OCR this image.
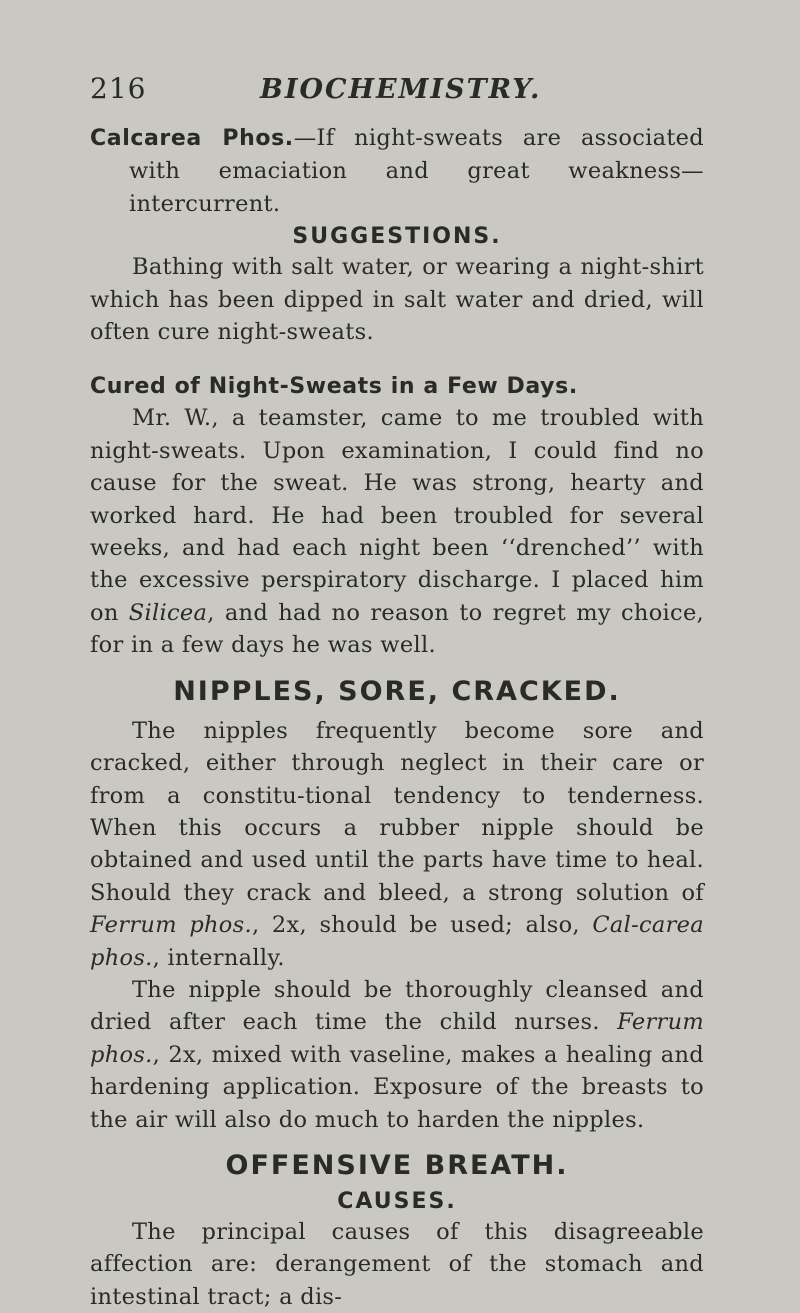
216	BIOCHEMISTRY.

Calcarea Phos.—If night-sweats are associated with emaciation and great weakness—intercurrent.

SUGGESTIONS.

Bathing with salt water, or wearing a night-shirt which has been dipped in salt water and dried, will often cure night-sweats.

Cured of Night-Sweats in a Few Days.

Mr. W., a teamster, came to me troubled with night-sweats. Upon examination, I could find no cause for the sweat. He was strong, hearty and worked hard. He had been troubled for several weeks, and had each night been ‘‘drenched’’ with the excessive perspiratory discharge. I placed him on Silicea, and had no reason to regret my choice, for in a few days he was well.

NIPPLES, SORE, CRACKED.

The nipples frequently become sore and cracked, either through neglect in their care or from a constitu-tional tendency to tenderness. When this occurs a rubber nipple should be obtained and used until the parts have time to heal. Should they crack and bleed, a strong solution of Ferrum phos., 2x, should be used; also, Cal-carea phos., internally.

The nipple should be thoroughly cleansed and dried after each time the child nurses. Ferrum phos., 2x, mixed with vaseline, makes a healing and hardening application. Exposure of the breasts to the air will also do much to harden the nipples.

OFFENSIVE BREATH.
CAUSES.

The principal causes of this disagreeable affection are: derangement of the stomach and intestinal tract; a dis-
